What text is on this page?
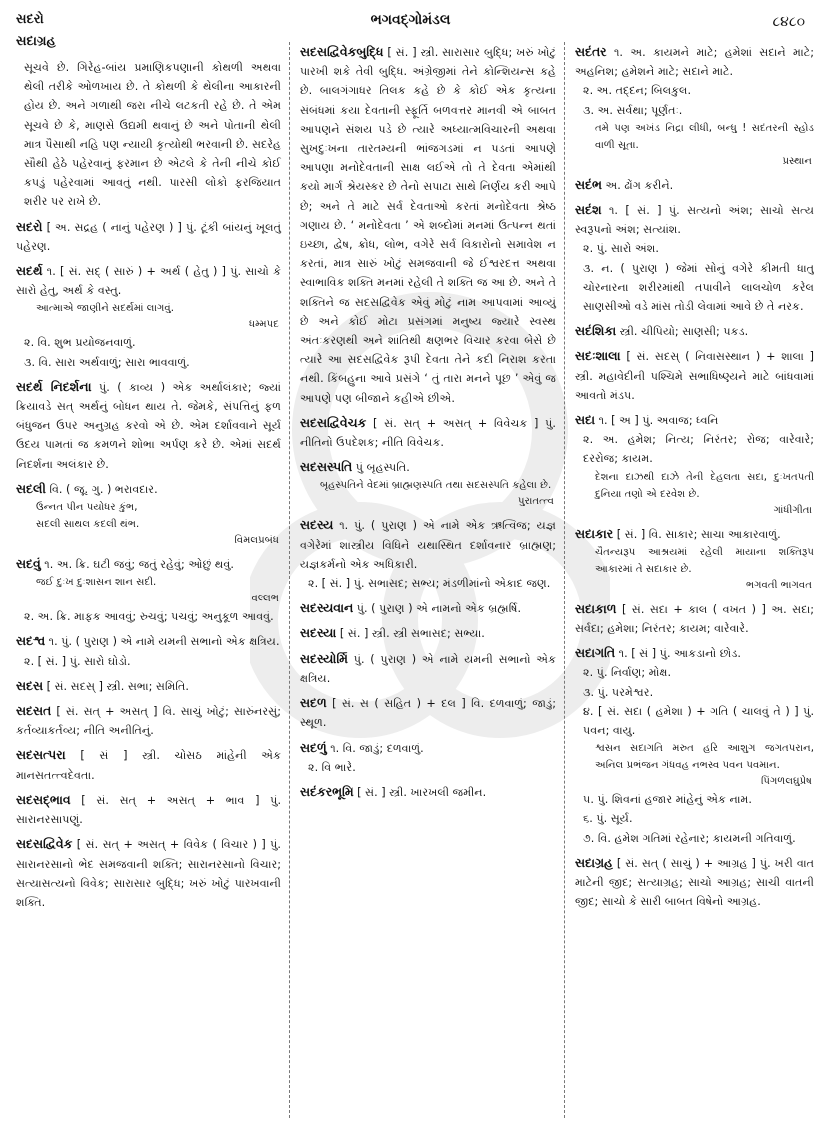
સદરો
સદાગ્રહ
ભગવદ્ગોમંડલ	૮૪૮૦
સૂચવે છે. ગિરેહ-બાંય પ્રમાણિકપણાની કોથળી અથવા થેલી તરીકે ઓળખાય છે. તે કોથળી કે થેલીના આકારની હોય છે. અને ગળાથી જરા નીચે લટકતી રહે છે. તે એમ સૂચવે છે કે, માણસે ઉદ્યમી થવાનું છે અને પોતાની થેલી માત્ર પૈસાથી નહિ પણ ન્યાયી કૃત્યોથી ભરવાની છે. સદરેહ સૌથી હેઠે પહેરવાનું ફરમાન છે એટલે કે તેની નીચે કોઈ કપડું પહેરવામાં આવતું નથી. પારસી લોકો ફરજિયાત શરીર પર રાખે છે.
સદરો [ અ. સદ્રહ ( નાનું પહેરણ ) ] પું. ટૂંકી બાંયનું ખૂલતું પહેરણ.
સદર્થ ૧. [ સં. સદ્ ( સારું ) + અર્થ ( હેતુ ) ] પું. સાચો કે સારો હેતુ, અર્થ કે વસ્તુ.
આત્માએ જાણીને સદર્થમાં લાગવું.
ધમ્મપદ
૨. વિ. શુભ પ્રયોજનવાળું.
૩. વિ. સારા અર્થવાળું; સારા ભાવવાળું.
સદર્થ નિદર્શના પું. ( કાવ્ય ) એક અર્થાલંકાર; જ્યાં ક્રિયાવડે સત્ અર્થનું બોધન થાય તે. જેમકે, સંપત્તિનું ફળ બંધુજન ઉપર અનુગ્રહ કરવો એ છે. એમ દર્શાવવાને સૂર્ય ઉદય પામતાં જ કમળને શોભા અર્પણ કરે છે. એમાં સદર્થ નિદર્શના અલંકાર છે.
સદલી વિ. ( જૂ. ગુ. ) ભરાવદાર.
ઉન્નત પીન પયોધર કુંભ,
સદલી સાથલ કદલી થંભ.
વિમલપ્રબંધ
સદવું ૧. અ. ક્રિ. ઘટી જવું; જતું રહેવું; ઓછું થવું.
જઈ દુઃખ દુઃશાસન શાન સદી.
વલ્લભ
૨. અ. ક્રિ. માફક આવવું; રુચવું; પચવું; અનુકૂળ આવવું.
સદશ્વ ૧. પું. ( પુરાણ ) એ નામે યમની સભાનો એક ક્ષત્રિય.
૨. [ સં. ] પું. સારો ઘોડો.
સદસ [ સં. સદસ્ ] સ્ત્રી. સભા; સમિતિ.
સદસત [ સં. સત્ + અસત્ ] વિ. સાચું ખોટું; સારુંનરસું; કર્તવ્યાકર્તવ્ય; નીતિ અનીતિનું.
સદસત્પરા [ સં ] સ્ત્રી. ચોસઠ માંહેની એક માનસતત્ત્વદેવતા.
સદસદ્ભાવ [ સં. સત્ + અસત્ + ભાવ ] પું. સારાનરસાપણું.
સદસદ્વિવેક [ સં. સત્ + અસત્ + વિવેક ( વિચાર ) ] પું. સારાનરસાનો ભેદ સમજવાની શક્તિ; સારાનરસાનો વિચાર; સત્યાસત્યનો વિવેક; સારાસાર બુદ્ધિ; ખરું ખોટું પારખવાની શક્તિ.
સદસદ્વિવેકબુદ્ધિ [ સં. ] સ્ત્રી. સારાસાર બુદ્ધિ; ખરું ખોટું પારખી શકે તેવી બુદ્ધિ. અંગ્રેજીમાં તેને કોન્શિયન્સ કહે છે. બાલગંગાધર તિલક કહે છે કે કોઈ એક કૃત્યના સંબંધમાં કયા દેવતાની સ્ફૂર્તિ બળવત્તર માનવી એ બાબત આપણને સંશય પડે છે ત્યારે અધ્યાત્મવિચારની અથવા સુખદુઃખના તારતમ્યની ભાંજગડમાં ન પડતાં આપણે આપણા મનોદેવતાની સાક્ષ લઈએ તો તે દેવતા એમાંથી કયો માર્ગ શ્રેયસ્કર છે તેનો સપાટા સાથે નિર્ણય કરી આપે છે; અને તે માટે સર્વ દેવતાઓ કરતાં મનોદેવતા શ્રેષ્ઠ ગણાય છે. ‘ મનોદેવતા ’ એ શબ્દોમાં મનમાં ઉત્પન્ન થતાં ઇચ્છા, દ્વેષ, ક્રોધ, લોભ, વગેરે સર્વ વિકારોનો સમાવેશ ન કરતાં, માત્ર સારું ખોટું સમજવાની જે ઈશ્વરદત્ત અથવા સ્વાભાવિક શક્તિ મનમાં રહેલી તે શક્તિ જ આ છે. અને તે શક્તિને જ સદસદ્વિવેક એવું મોટું નામ આપવામાં આવ્યું છે અને કોઈ મોટા પ્રસંગમાં મનુષ્ય જ્યારે સ્વસ્થ અંતઃકરણથી અને શાંતિથી ક્ષણભર વિચાર કરવા બેસે છે ત્યારે આ સદસદ્વિવેક રૂપી દેવતા તેને કદી નિરાશ કરતા નથી. કિંબહુના આવે પ્રસંગે ‘ તું તારા મનને પૂછ ’ એવું જ આપણે પણ બીજાને કહીએ છીએ.
સદસદ્વિવેચક [ સં. સત્ + અસત્ + વિવેચક ] પું. નીતિનો ઉપદેશક; નીતિ વિવેચક.
સદસસ્પતિ પું બૃહસ્પતિ.
બૃહસ્પતિને વેદમાં બ્રાહ્મણસ્પતિ તથા સદસસ્પતિ કહેલા છે.
પુરાતત્ત્વ
સદસ્ય ૧. પું. ( પુરાણ ) એ નામે એક ઋત્વિજ; યજ્ઞ વગેરેમાં શાસ્ત્રીય વિધિને યથાસ્થિત દર્શાવનાર બ્રાહ્મણ; યજ્ઞકર્મનો એક અધિકારી.
૨. [ સં. ] પું. સભાસદ; સભ્ય; મંડળીમાંનો એકાદ જણ.
સદસ્યવાન પું. ( પુરાણ ) એ નામનો એક બ્રહ્મર્ષિ.
સદસ્યા [ સં. ] સ્ત્રી. સ્ત્રી સભાસદ; સભ્યા.
સદસ્યોર્મિ પું. ( પુરાણ ) એ નામે યમની સભાનો એક ક્ષત્રિય.
સદળ [ સં. સ ( સહિત ) + દલ ] વિ. દળવાળું; જાડું; સ્થૂળ.
સદળું ૧. વિ. જાડું; દળવાળું.
૨. વિ ભારે.
સદંકરભૂમિ [ સં. ] સ્ત્રી. ખારખલી જમીન.
સદંતર ૧. અ. કાયમને માટે; હમેશાં સદાને માટે; અહનિશ; હમેશને માટે; સદાને માટે.
૨. અ. તદ્દન; બિલકુલ.
૩. અ. સર્વથા; પૂર્ણતઃ.
તમે પણ અખંડ નિદ્રા લીધી, બન્ધુ ! સદંતરની સ્હોડ વાળી સૂતા.
પ્રસ્થાન
સદંભ અ. ઢોંગ કરીને.
સદંશ ૧. [ સં. ] પું. સત્યનો અંશ; સાચો સત્ય સ્વરૂપનો અંશ; સત્યાંશ.
૨. પું. સારો અંશ.
૩. ન. ( પુરાણ ) જેમાં સોનું વગેરે કીમતી ધાતુ ચોરનારના શરીરમાંથી તપાવીને લાલચોળ કરેલ સાણસીઓ વડે માંસ તોડી લેવામાં આવે છે તે નરક.
સદંશિકા સ્ત્રી. ચીપિયો; સાણસી; પકડ.
સદઃશાલા [ સં. સદસ્ ( નિવાસસ્થાન ) + શાલા ] સ્ત્રી. મહાવેદીની પશ્ચિમે સભાધિષ્ણ્યને માટે બાંધવામાં આવતો મંડપ.
સદા ૧. [ અ ] પું. અવાજ; ધ્વનિ
૨. અ. હમેશ; નિત્ય; નિરંતર; રોજ; વારેવારે; દરરોજ; કાયમ.
દેશના દાઝથી દાઝે તેની દેહલતા સદા, દુઃખતપતી દુનિયા તણો એ દરવેશ છે.
ગાંધીગીતા
સદાકાર [ સં. ] વિ. સાકાર; સાચા આકારવાળું.
ચૈતન્યરૂપ આશ્રયમાં રહેલી માયાના શક્તિરૂપ આકારમાં તે સદાકાર છે.
ભગવતી ભાગવત
સદાકાળ [ સં. સદા + કાલ ( વખત ) ] અ. સદા; સર્વદા; હમેશા; નિરંતર; કાયમ; વારેવારે.
સદાગતિ ૧. [ સં ] પું. આકડાનો છોડ.
૨. પું. નિર્વાણ; મોક્ષ.
૩. પું. પરમેશ્વર.
૪. [ સં. સદા ( હમેશા ) + ગતિ ( ચાલવું તે ) ] પું. પવન; વાયુ.
શ્વસન સદાગતિ મરુત હરિ આશુગ જગતપરાન, અનિલ પ્રભંજન ગંધવહ નભસ્વ પવન પવમાન.
પિંગળલઘુપ્રેષ
૫. પું. શિવનાં હજાર માંહેનું એક નામ.
૬. પું. સૂર્ય.
૭. વિ. હમેશ ગતિમાં રહેનાર; કાયમની ગતિવાળું.
સદાગ્રહ [ સં. સત્ ( સાચું ) + આગ્રહ ] પું. ખરી વાત માટેની જીદ; સત્યાગ્રહ; સાચો આગ્રહ; સાચી વાતની જીદ; સાચો કે સારી બાબત વિષેનો આગ્રહ.
